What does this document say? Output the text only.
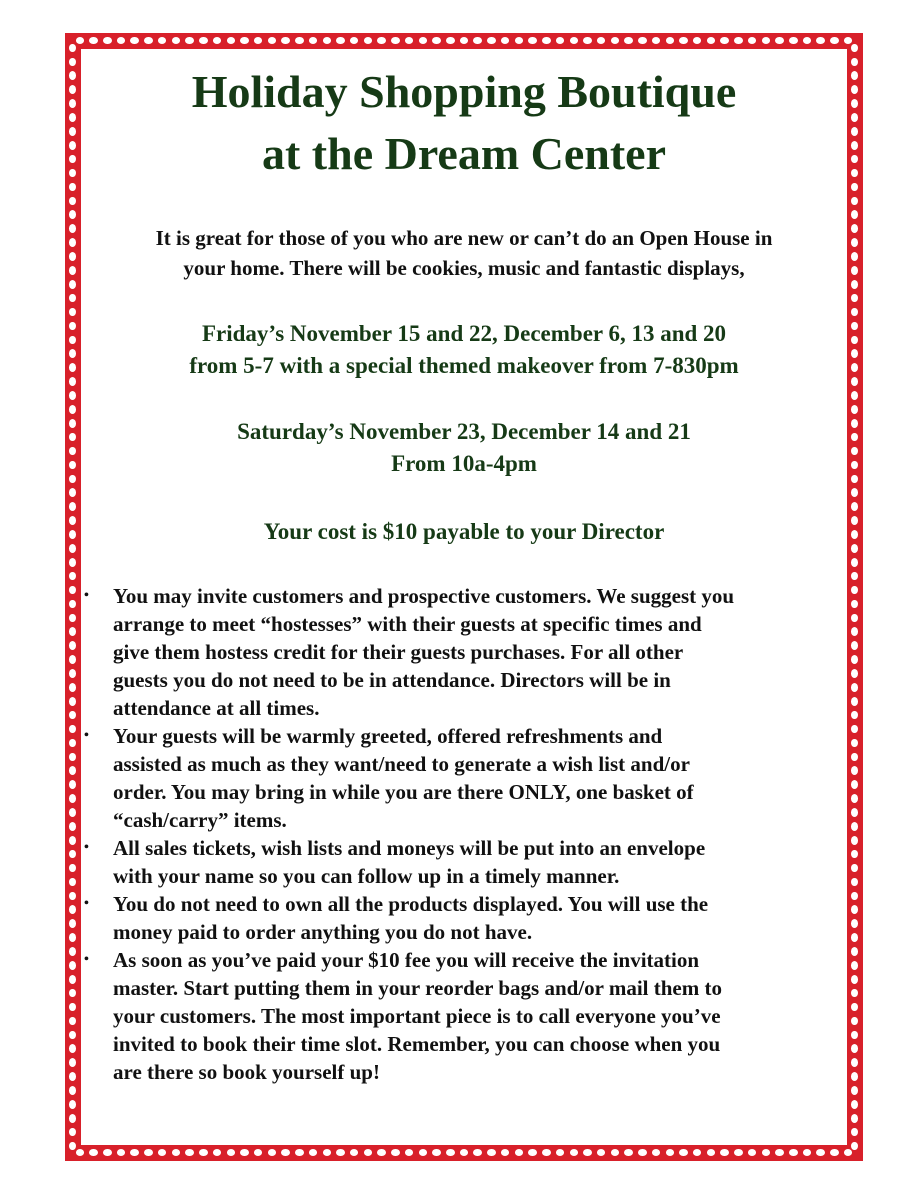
Holiday Shopping Boutique
at the Dream Center
It is great for those of you who are new or can’t do an Open House in
your home. There will be cookies, music and fantastic displays,
Friday’s November 15 and 22, December 6, 13 and 20
from 5-7 with a special themed makeover from 7-830pm
Saturday’s November 23, December 14 and 21
From 10a-4pm
Your cost is $10 payable to your Director
• You may invite customers and prospective customers. We suggest you
arrange to meet “hostesses” with their guests at specific times and
give them hostess credit for their guests purchases. For all other
guests you do not need to be in attendance. Directors will be in
attendance at all times.
• Your guests will be warmly greeted, offered refreshments and
assisted as much as they want/need to generate a wish list and/or
order. You may bring in while you are there ONLY, one basket of
“cash/carry” items.
• All sales tickets, wish lists and moneys will be put into an envelope
with your name so you can follow up in a timely manner.
• You do not need to own all the products displayed. You will use the
money paid to order anything you do not have.
• As soon as you’ve paid your $10 fee you will receive the invitation
master. Start putting them in your reorder bags and/or mail them to
your customers. The most important piece is to call everyone you’ve
invited to book their time slot. Remember, you can choose when you
are there so book yourself up!
